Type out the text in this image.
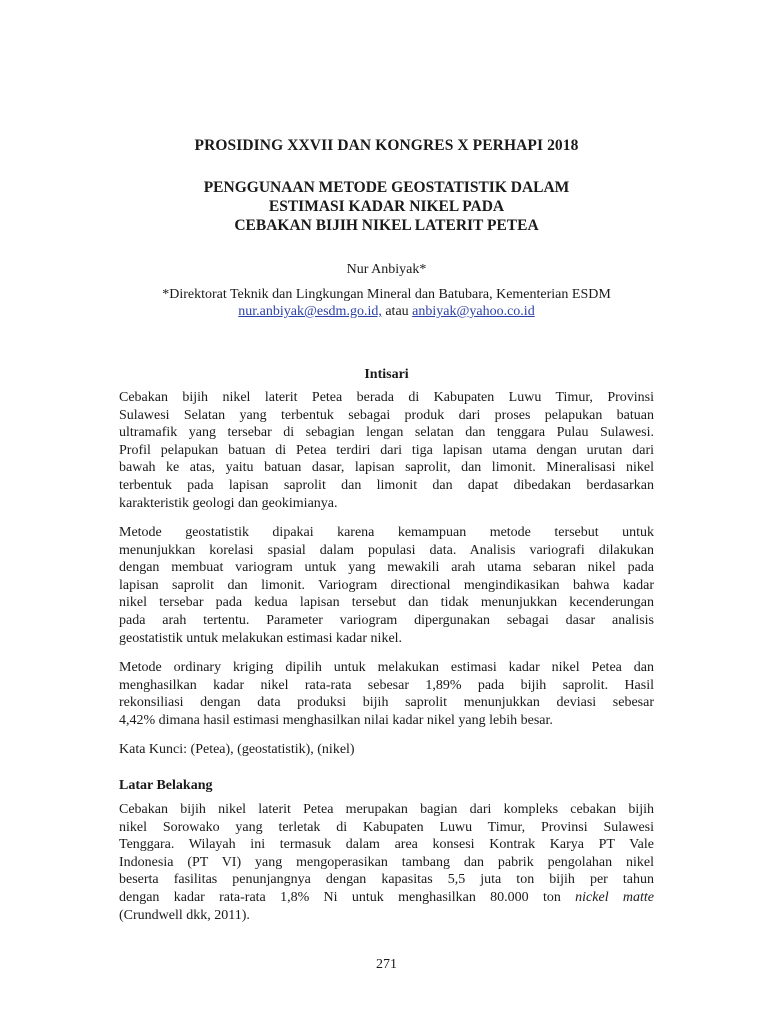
PROSIDING XXVII DAN KONGRES X PERHAPI 2018
PENGGUNAAN METODE GEOSTATISTIK DALAM
ESTIMASI KADAR NIKEL PADA
CEBAKAN BIJIH NIKEL LATERIT PETEA
Nur Anbiyak*
*Direktorat Teknik dan Lingkungan Mineral dan Batubara, Kementerian ESDM
nur.anbiyak@esdm.go.id, atau anbiyak@yahoo.co.id
Intisari
Cebakan bijih nikel laterit Petea berada di Kabupaten Luwu Timur, Provinsi
Sulawesi Selatan yang terbentuk sebagai produk dari proses pelapukan batuan
ultramafik yang tersebar di sebagian lengan selatan dan tenggara Pulau Sulawesi.
Profil pelapukan batuan di Petea terdiri dari tiga lapisan utama dengan urutan dari
bawah ke atas, yaitu batuan dasar, lapisan saprolit, dan limonit. Mineralisasi nikel
terbentuk pada lapisan saprolit dan limonit dan dapat dibedakan berdasarkan
karakteristik geologi dan geokimianya.
Metode geostatistik dipakai karena kemampuan metode tersebut untuk
menunjukkan korelasi spasial dalam populasi data. Analisis variografi dilakukan
dengan membuat variogram untuk yang mewakili arah utama sebaran nikel pada
lapisan saprolit dan limonit. Variogram directional mengindikasikan bahwa kadar
nikel tersebar pada kedua lapisan tersebut dan tidak menunjukkan kecenderungan
pada arah tertentu. Parameter variogram dipergunakan sebagai dasar analisis
geostatistik untuk melakukan estimasi kadar nikel.
Metode ordinary kriging dipilih untuk melakukan estimasi kadar nikel Petea dan
menghasilkan kadar nikel rata-rata sebesar 1,89% pada bijih saprolit. Hasil
rekonsiliasi dengan data produksi bijih saprolit menunjukkan deviasi sebesar
4,42% dimana hasil estimasi menghasilkan nilai kadar nikel yang lebih besar.
Kata Kunci: (Petea), (geostatistik), (nikel)
Latar Belakang
Cebakan bijih nikel laterit Petea merupakan bagian dari kompleks cebakan bijih
nikel Sorowako yang terletak di Kabupaten Luwu Timur, Provinsi Sulawesi
Tenggara. Wilayah ini termasuk dalam area konsesi Kontrak Karya PT Vale
Indonesia (PT VI) yang mengoperasikan tambang dan pabrik pengolahan nikel
beserta fasilitas penunjangnya dengan kapasitas 5,5 juta ton bijih per tahun
dengan kadar rata-rata 1,8% Ni untuk menghasilkan 80.000 ton nickel matte
(Crundwell dkk, 2011).
271
